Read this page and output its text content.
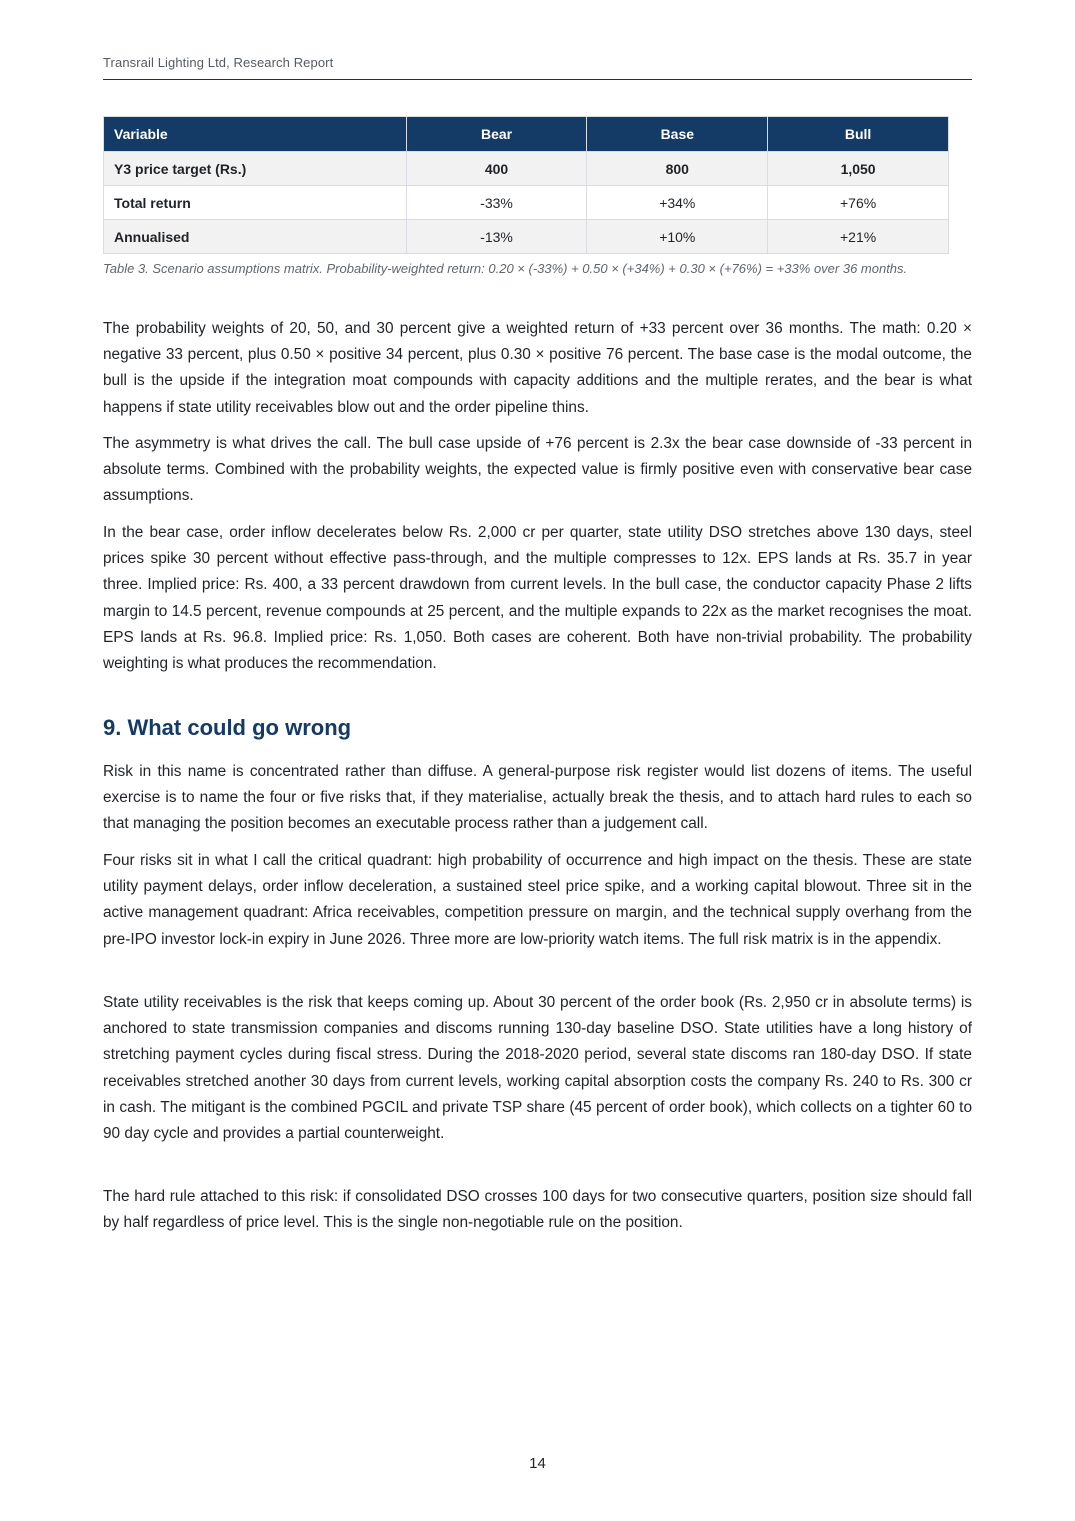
Transrail Lighting Ltd, Research Report
Variable	Bear	Base	Bull
Y3 price target (Rs.)	400	800	1,050
Total return	-33%	+34%	+76%
Annualised	-13%	+10%	+21%
Table 3. Scenario assumptions matrix. Probability-weighted return: 0.20 × (-33%) + 0.50 × (+34%) + 0.30 × (+76%) = +33% over 36 months.

The probability weights of 20, 50, and 30 percent give a weighted return of +33 percent over 36 months. The math: 0.20 × negative 33 percent, plus 0.50 × positive 34 percent, plus 0.30 × positive 76 percent. The base case is the modal outcome, the bull is the upside if the integration moat compounds with capacity additions and the multiple rerates, and the bear is what happens if state utility receivables blow out and the order pipeline thins.

The asymmetry is what drives the call. The bull case upside of +76 percent is 2.3x the bear case downside of -33 percent in absolute terms. Combined with the probability weights, the expected value is firmly positive even with conservative bear case assumptions.

In the bear case, order inflow decelerates below Rs. 2,000 cr per quarter, state utility DSO stretches above 130 days, steel prices spike 30 percent without effective pass-through, and the multiple compresses to 12x. EPS lands at Rs. 35.7 in year three. Implied price: Rs. 400, a 33 percent drawdown from current levels. In the bull case, the conductor capacity Phase 2 lifts margin to 14.5 percent, revenue compounds at 25 percent, and the multiple expands to 22x as the market recognises the moat. EPS lands at Rs. 96.8. Implied price: Rs. 1,050. Both cases are coherent. Both have non-trivial probability. The probability weighting is what produces the recommendation.

9. What could go wrong

Risk in this name is concentrated rather than diffuse. A general-purpose risk register would list dozens of items. The useful exercise is to name the four or five risks that, if they materialise, actually break the thesis, and to attach hard rules to each so that managing the position becomes an executable process rather than a judgement call.

Four risks sit in what I call the critical quadrant: high probability of occurrence and high impact on the thesis. These are state utility payment delays, order inflow deceleration, a sustained steel price spike, and a working capital blowout. Three sit in the active management quadrant: Africa receivables, competition pressure on margin, and the technical supply overhang from the pre-IPO investor lock-in expiry in June 2026. Three more are low-priority watch items. The full risk matrix is in the appendix.

State utility receivables is the risk that keeps coming up. About 30 percent of the order book (Rs. 2,950 cr in absolute terms) is anchored to state transmission companies and discoms running 130-day baseline DSO. State utilities have a long history of stretching payment cycles during fiscal stress. During the 2018-2020 period, several state discoms ran 180-day DSO. If state receivables stretched another 30 days from current levels, working capital absorption costs the company Rs. 240 to Rs. 300 cr in cash. The mitigant is the combined PGCIL and private TSP share (45 percent of order book), which collects on a tighter 60 to 90 day cycle and provides a partial counterweight.

The hard rule attached to this risk: if consolidated DSO crosses 100 days for two consecutive quarters, position size should fall by half regardless of price level. This is the single non-negotiable rule on the position.

14
